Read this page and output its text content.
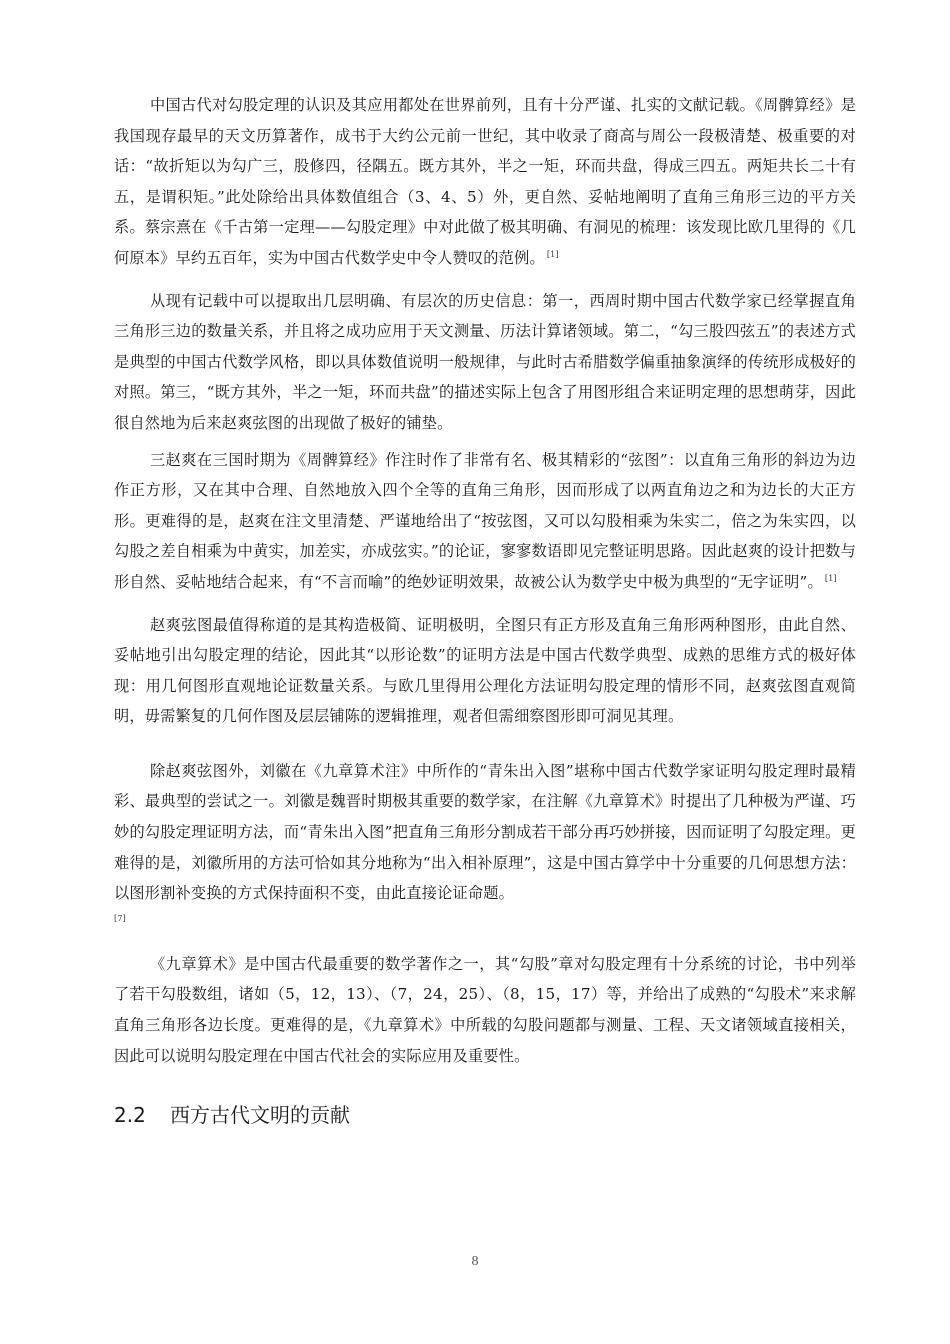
中国古代对勾股定理的认识及其应用都处在世界前列，且有十分严谨、扎实的文献记载。《周髀算经》是我国现存最早的天文历算著作，成书于大约公元前一世纪，其中收录了商高与周公一段极清楚、极重要的对话：“故折矩以为勾广三，股修四，径隅五。既方其外，半之一矩，环而共盘，得成三四五。两矩共长二十有五，是谓积矩。”此处除给出具体数值组合（3、4、5）外，更自然、妥帖地阐明了直角三角形三边的平方关系。蔡宗熹在《千古第一定理——勾股定理》中对此做了极其明确、有洞见的梳理：该发现比欧几里得的《几何原本》早约五百年，实为中国古代数学史中令人赞叹的范例。 [1]

从现有记载中可以提取出几层明确、有层次的历史信息：第一，西周时期中国古代数学家已经掌握直角三角形三边的数量关系，并且将之成功应用于天文测量、历法计算诸领域。第二，“勾三股四弦五”的表述方式是典型的中国古代数学风格，即以具体数值说明一般规律，与此时古希腊数学偏重抽象演绎的传统形成极好的对照。第三，“既方其外，半之一矩，环而共盘”的描述实际上包含了用图形组合来证明定理的思想萌芽，因此很自然地为后来赵爽弦图的出现做了极好的铺垫。

三赵爽在三国时期为《周髀算经》作注时作了非常有名、极其精彩的“弦图”：以直角三角形的斜边为边作正方形，又在其中合理、自然地放入四个全等的直角三角形，因而形成了以两直角边之和为边长的大正方形。更难得的是，赵爽在注文里清楚、严谨地给出了“按弦图，又可以勾股相乘为朱实二，倍之为朱实四，以勾股之差自相乘为中黄实，加差实，亦成弦实。”的论证，寥寥数语即见完整证明思路。因此赵爽的设计把数与形自然、妥帖地结合起来，有“不言而喻”的绝妙证明效果，故被公认为数学史中极为典型的“无字证明”。 [1]

赵爽弦图最值得称道的是其构造极简、证明极明，全图只有正方形及直角三角形两种图形，由此自然、妥帖地引出勾股定理的结论，因此其“以形论数”的证明方法是中国古代数学典型、成熟的思维方式的极好体现：用几何图形直观地论证数量关系。与欧几里得用公理化方法证明勾股定理的情形不同，赵爽弦图直观简明，毋需繁复的几何作图及层层铺陈的逻辑推理，观者但需细察图形即可洞见其理。

除赵爽弦图外，刘徽在《九章算术注》中所作的“青朱出入图”堪称中国古代数学家证明勾股定理时最精彩、最典型的尝试之一。刘徽是魏晋时期极其重要的数学家，在注解《九章算术》时提出了几种极为严谨、巧妙的勾股定理证明方法，而“青朱出入图”把直角三角形分割成若干部分再巧妙拼接，因而证明了勾股定理。更难得的是，刘徽所用的方法可恰如其分地称为“出入相补原理”，这是中国古算学中十分重要的几何思想方法：以图形割补变换的方式保持面积不变，由此直接论证命题。
[7]

《九章算术》是中国古代最重要的数学著作之一，其“勾股”章对勾股定理有十分系统的讨论，书中列举了若干勾股数组，诸如（5，12，13）、（7，24，25）、（8，15，17）等，并给出了成熟的“勾股术”来求解直角三角形各边长度。更难得的是，《九章算术》中所载的勾股问题都与测量、工程、天文诸领域直接相关，因此可以说明勾股定理在中国古代社会的实际应用及重要性。

2.2 西方古代文明的贡献
8
